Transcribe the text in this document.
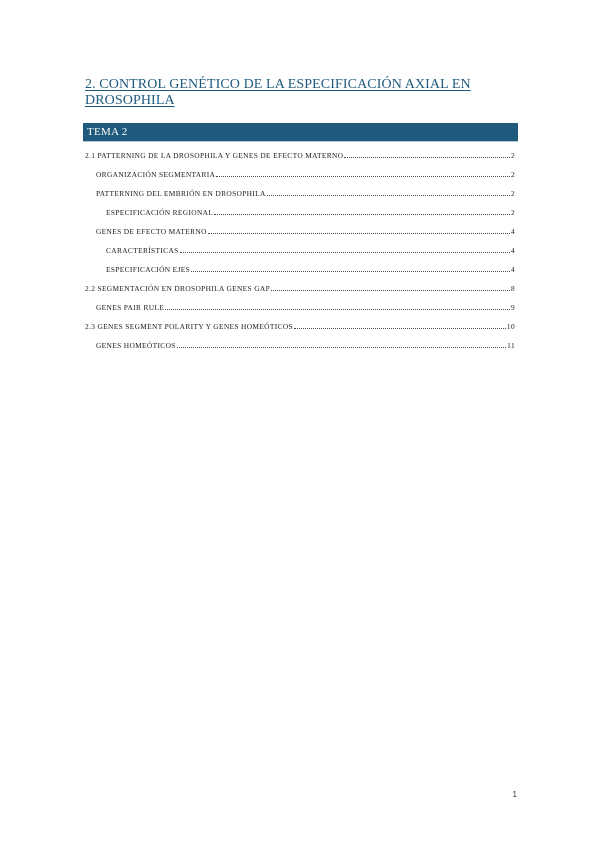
2. CONTROL GENÉTICO DE LA ESPECIFICACIÓN AXIAL EN DROSOPHILA
TEMA 2
2.1 PATTERNING DE LA DROSOPHILA Y GENES DE EFECTO MATERNO	2
ORGANIZACIÓN SEGMENTARIA	2
PATTERNING DEL EMBRIÓN EN DROSOPHILA	2
ESPECIFICACIÓN REGIONAL	2
GENES DE EFECTO MATERNO	4
CARACTERÍSTICAS	4
ESPECIFICACIÓN EJES	4
2.2 SEGMENTACIÓN EN DROSOPHILA GENES GAP	8
GENES PAIR RULE	9
2.3 GENES SEGMENT POLARITY Y GENES HOMEÓTICOS	10
GENES HOMEÓTICOS	11
1
